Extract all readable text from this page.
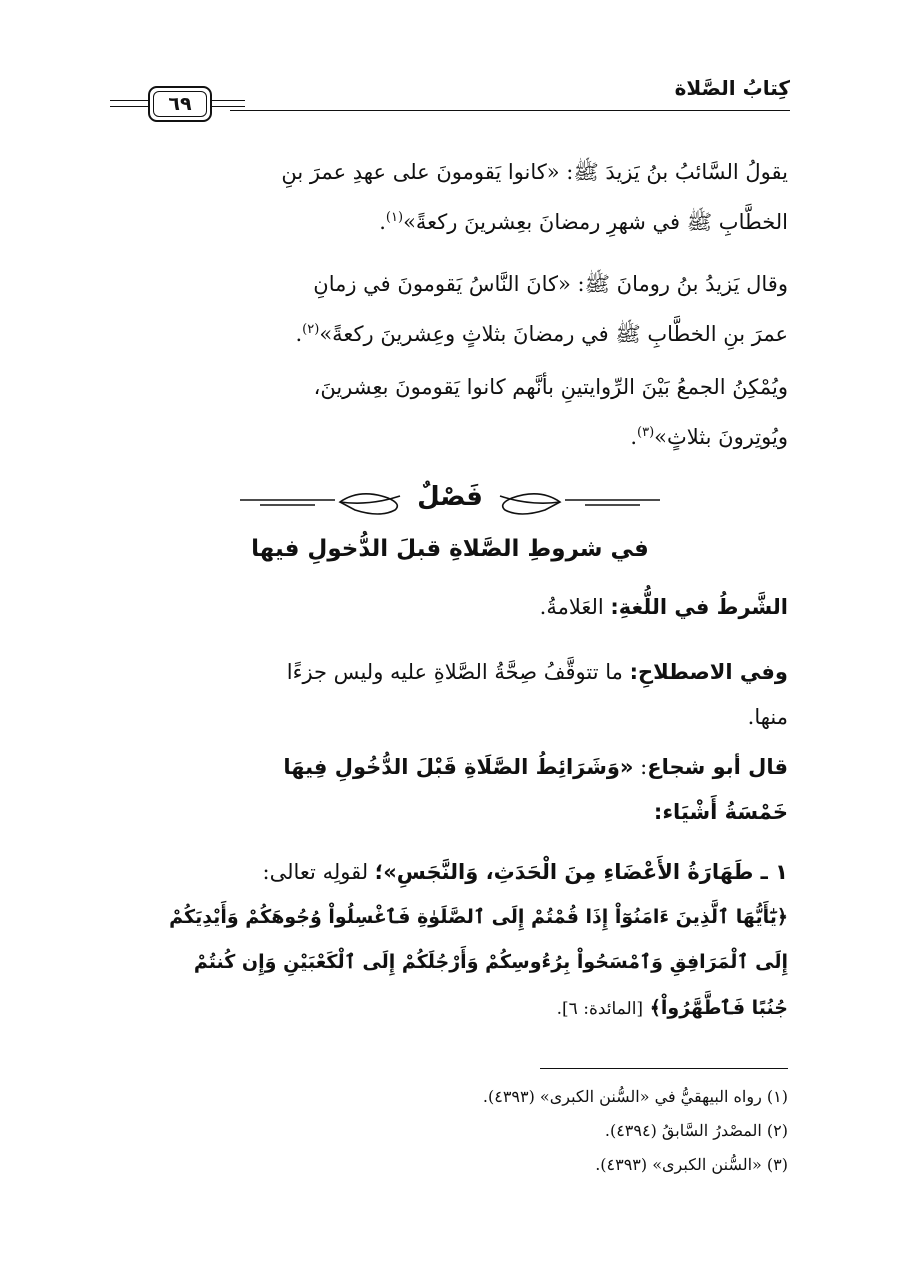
كِتابُ الصَّلاة
٦٩

يقولُ السَّائبُ بنُ يَزيدَ ﷺ: «كانوا يَقومونَ على عهدِ عمرَ بنِ

الخطَّابِ ﷺ في شهرِ رمضانَ بعِشرينَ ركعةً»$^{(١)}$.

وقال يَزيدُ بنُ رومانَ ﷺ: «كانَ النَّاسُ يَقومونَ في زمانِ

عمرَ بنِ الخطَّابِ ﷺ في رمضانَ بثلاثٍ وعِشرينَ ركعةً»$^{(٢)}$.

ويُمْكِنُ الجمعُ بَيْنَ الرِّوايتينِ بأنَّهم كانوا يَقومونَ بعِشرينَ،

ويُوتِرونَ بثلاثٍ»$^{(٣)}$.

فَصْلٌ
في شروطِ الصَّلاةِ قبلَ الدُّخولِ فيها

الشَّرطُ في اللُّغةِ: العَلامةُ.

وفي الاصطلاحِ: ما تتوقَّفُ صِحَّةُ الصَّلاةِ عليه وليس جزءًا

منها.

قال أبو شجاع: «وَشَرَائِطُ الصَّلَاةِ قَبْلَ الدُّخُولِ فِيهَا

خَمْسَةُ أَشْيَاء:

١ ـ طَهَارَةُ الأَعْضَاءِ مِنَ الْحَدَثِ، وَالنَّجَسِ»؛ لقولِه تعالى:

﴿يَٰٓأَيُّهَا ٱلَّذِينَ ءَامَنُوٓاْ إِذَا قُمْتُمْ إِلَى ٱلصَّلَوٰةِ فَٱغْسِلُواْ وُجُوهَكُمْ وَأَيْدِيَكُمْ

إِلَى ٱلْمَرَافِقِ وَٱمْسَحُواْ بِرُءُوسِكُمْ وَأَرْجُلَكُمْ إِلَى ٱلْكَعْبَيْنِ وَإِن كُنتُمْ

جُنُبًا فَٱطَّهَّرُواْ﴾ [المائدة: ٦].

(١) رواه البيهقيُّ في «السُّنن الكبرى» (٤٣٩٣).
(٢) المصْدرُ السَّابقُ (٤٣٩٤).
(٣) «السُّنن الكبرى» (٤٣٩٣).
